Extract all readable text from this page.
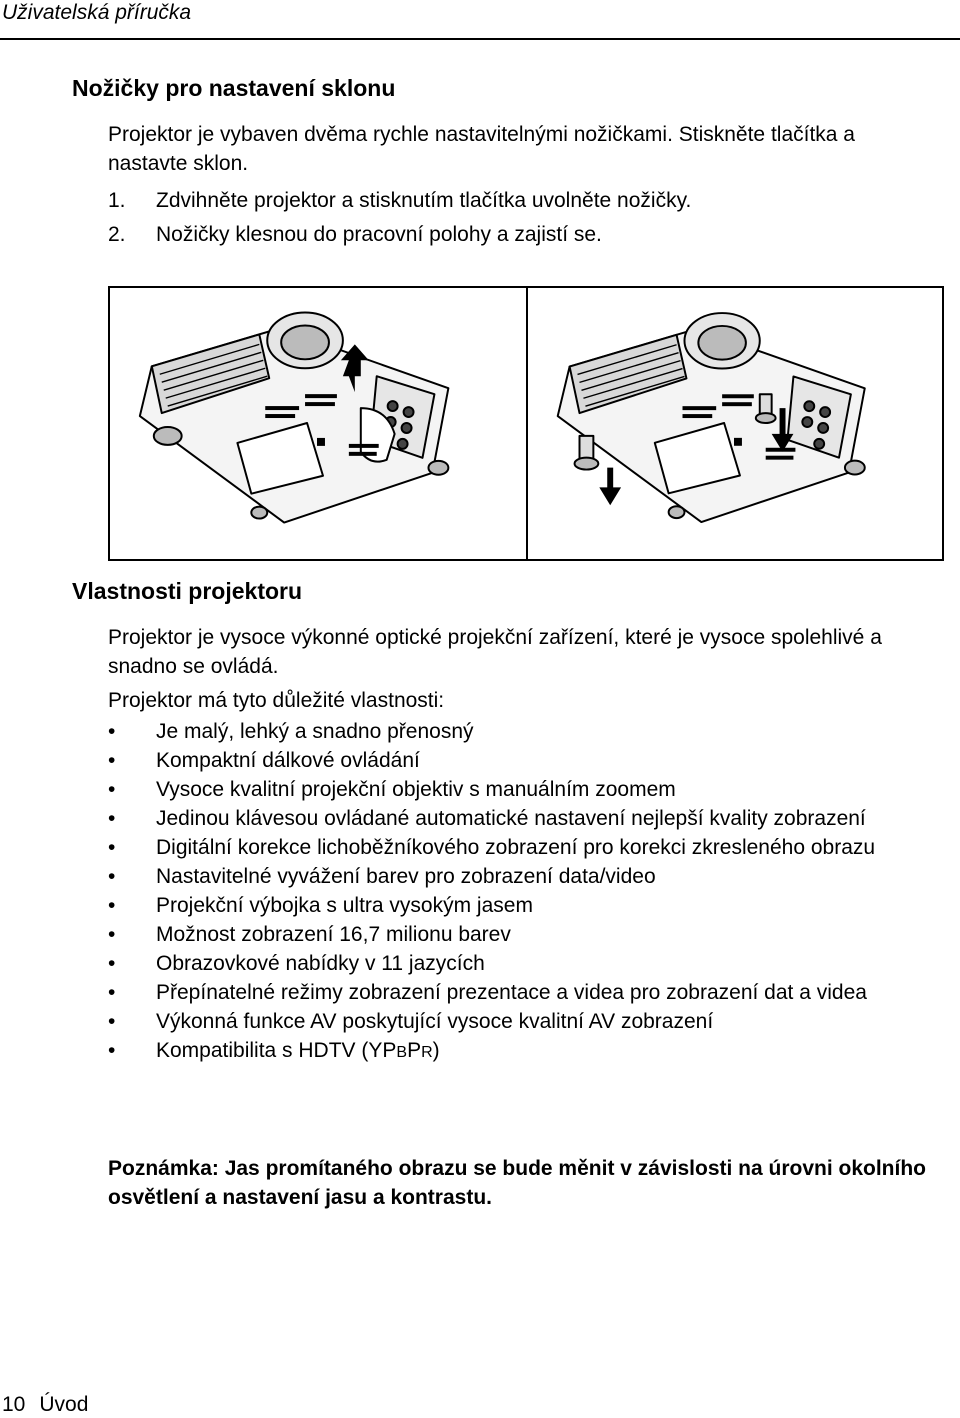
Uživatelská příručka
Nožičky pro nastavení sklonu

Projektor je vybaven dvěma rychle nastavitelnými nožičkami. Stiskněte tlačítka a nastavte sklon.

1. Zdvihněte projektor a stisknutím tlačítka uvolněte nožičky.
2. Nožičky klesnou do pracovní polohy a zajistí se.
Vlastnosti projektoru

Projektor je vysoce výkonné optické projekční zařízení, které je vysoce spolehlivé a snadno se ovládá.

Projektor má tyto důležité vlastnosti:

• Je malý, lehký a snadno přenosný
• Kompaktní dálkové ovládání
• Vysoce kvalitní projekční objektiv s manuálním zoomem
• Jedinou klávesou ovládané automatické nastavení nejlepší kvality zobrazení
• Digitální korekce lichoběžníkového zobrazení pro korekci zkresleného obrazu
• Nastavitelné vyvážení barev pro zobrazení data/video
• Projekční výbojka s ultra vysokým jasem
• Možnost zobrazení 16,7 milionu barev
• Obrazovkové nabídky v 11 jazycích
• Přepínatelné režimy zobrazení prezentace a videa pro zobrazení dat a videa
• Výkonná funkce AV poskytující vysoce kvalitní AV zobrazení
• Kompatibilita s HDTV (YPBPR)

Poznámka: Jas promítaného obrazu se bude měnit v závislosti na úrovni okolního osvětlení a nastavení jasu a kontrastu.

10 Úvod
